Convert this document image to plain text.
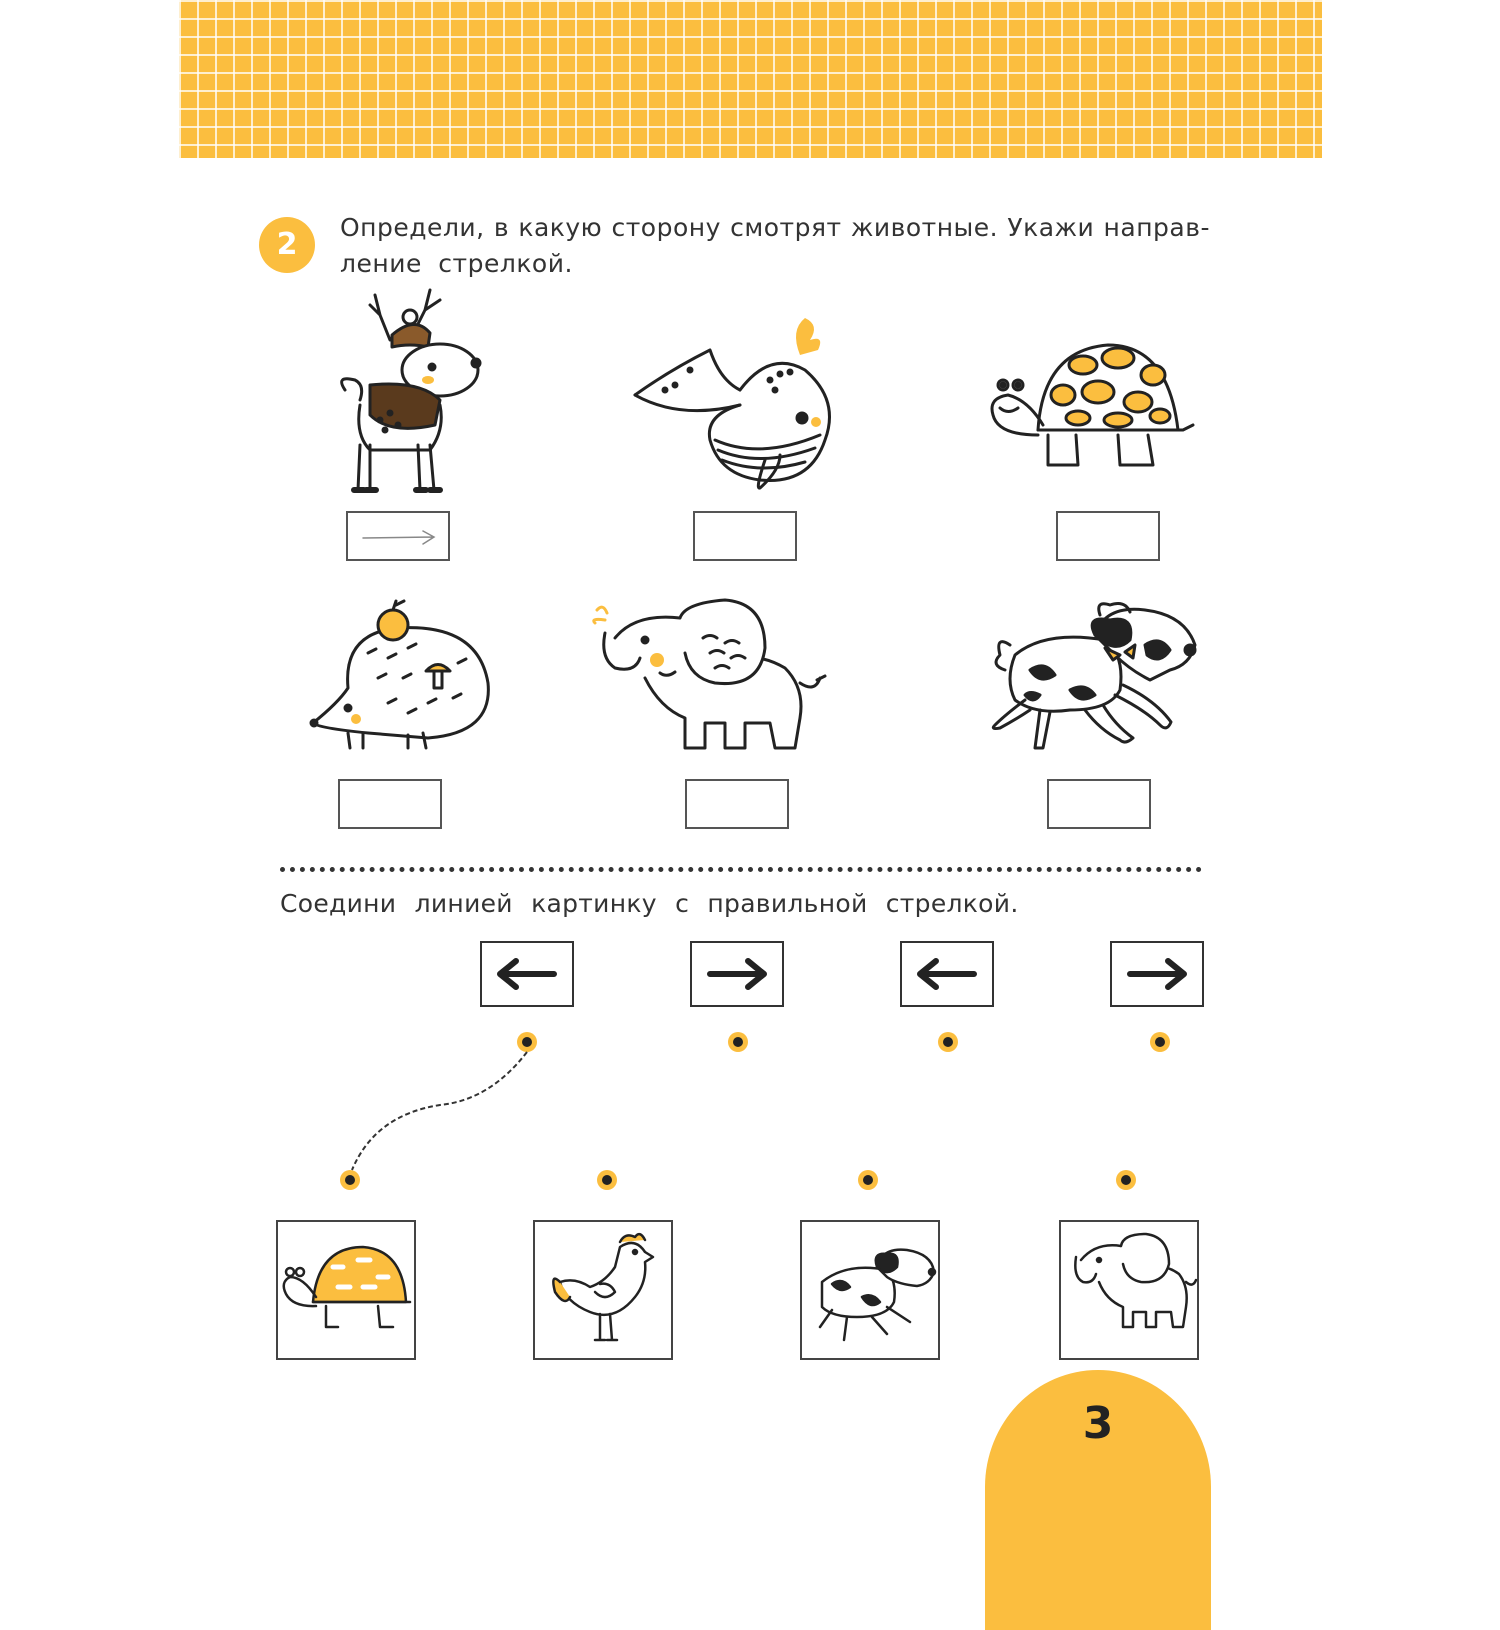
2	Определи, в какую сторону смотрят животные. Укажи направ-
ление стрелкой.
Соедини линией картинку с правильной стрелкой.
3
